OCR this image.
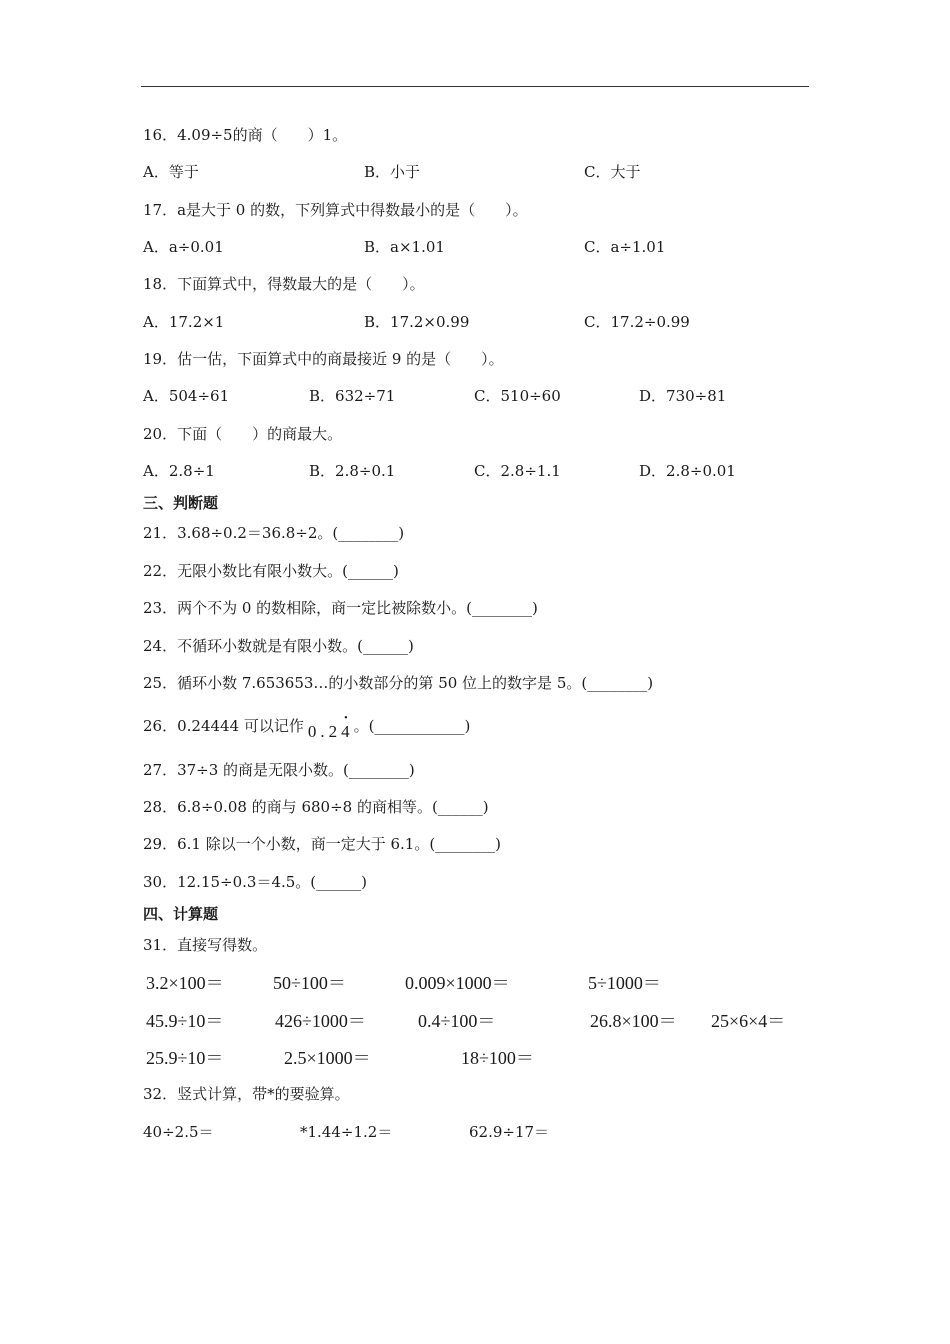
16．4.09÷5的商（　　）1。
A．等于	B．小于	C．大于
17．a是大于 0 的数，下列算式中得数最小的是（　　）。
A．a÷0.01	B．a×1.01	C．a÷1.01
18．下面算式中，得数最大的是（　　）。
A．17.2×1	B．17.2×0.99	C．17.2÷0.99
19．估一估，下面算式中的商最接近 9 的是（　　）。
A．504÷61	B．632÷71	C．510÷60	D．730÷81
20．下面（　　）的商最大。
A．2.8÷1	B．2.8÷0.1	C．2.8÷1.1	D．2.8÷0.01
三、判断题
21．3.68÷0.2＝36.8÷2。(________)
22．无限小数比有限小数大。(______)
23．两个不为 0 的数相除，商一定比被除数小。(________)
24．不循环小数就是有限小数。(______)
25．循环小数 7.653653…的小数部分的第 50 位上的数字是 5。(________)
26．0.24444 可以记作 0.24
• 。(____________)
27．37÷3 的商是无限小数。(________)
28．6.8÷0.08 的商与 680÷8 的商相等。(______)
29．6.1 除以一个小数，商一定大于 6.1。(________)
30．12.15÷0.3＝4.5。(______)
四、计算题
31．直接写得数。
3.2×100＝	50÷100＝	0.009×1000＝	5÷1000＝
45.9÷10＝	426÷1000＝	0.4÷100＝	26.8×100＝ 25×6×4＝
25.9÷10＝	2.5×1000＝	18÷100＝
32．竖式计算，带*的要验算。
40÷2.5＝	*1.44÷1.2＝	62.9÷17＝
